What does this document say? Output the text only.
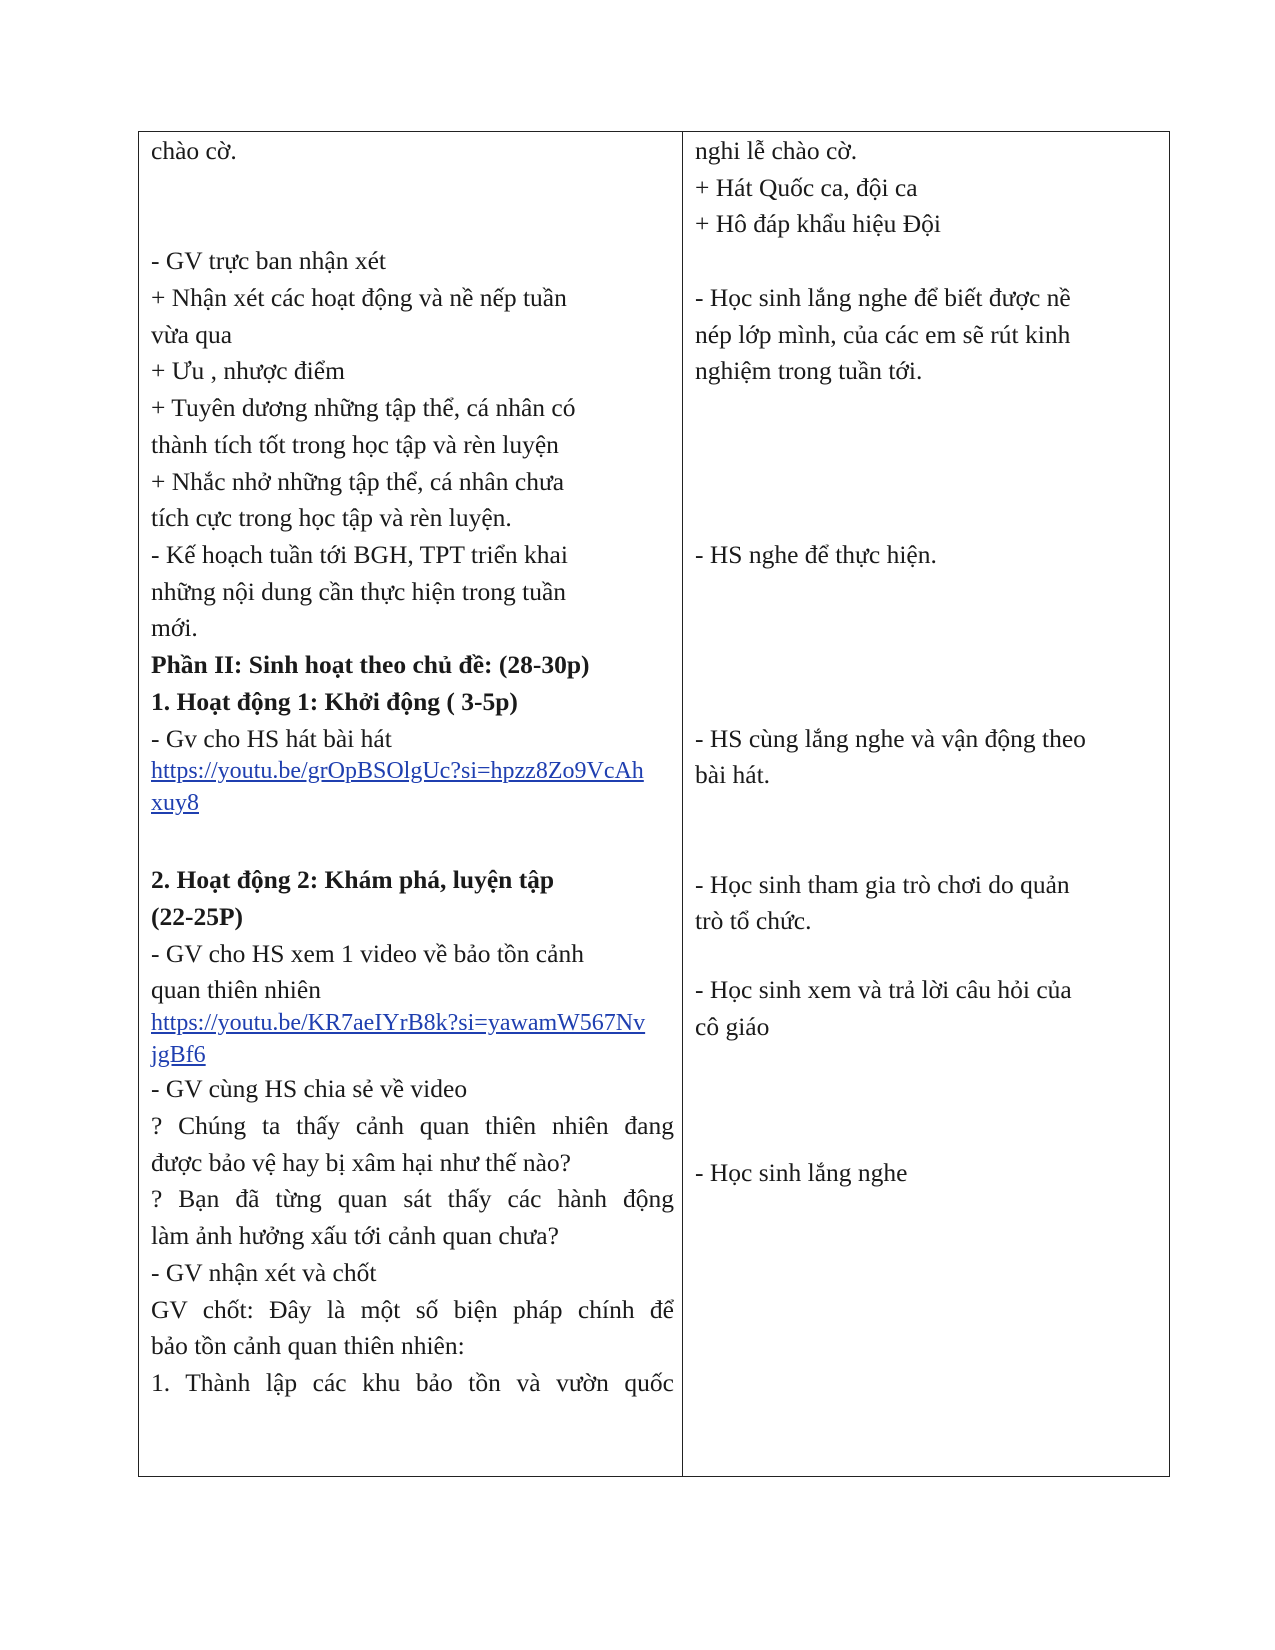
chào cờ.
- GV trực ban nhận xét
+ Nhận xét các hoạt động và nề nếp tuần
vừa qua
+ Ưu , nhược điểm
+ Tuyên dương những tập thể, cá nhân có
thành tích tốt trong học tập và rèn luyện
+ Nhắc nhở những tập thể, cá nhân chưa
tích cực trong học tập và rèn luyện.
- Kế hoạch tuần tới BGH, TPT triển khai
những nội dung cần thực hiện trong tuần
mới.
Phần II: Sinh hoạt theo chủ đề: (28-30p)
1. Hoạt động 1: Khởi động ( 3-5p)
- Gv cho HS hát bài hát
https://youtu.be/grOpBSOlgUc?si=hpzz8Zo9VcAh
xuy8
2. Hoạt động 2: Khám phá, luyện tập
(22-25P)
- GV cho HS xem 1 video về bảo tồn cảnh
quan thiên nhiên
https://youtu.be/KR7aeIYrB8k?si=yawamW567Nv
jgBf6
- GV cùng HS chia sẻ về video
? Chúng ta thấy cảnh quan thiên nhiên đang
được bảo vệ hay bị xâm hại như thế nào?
? Bạn đã từng quan sát thấy các hành động
làm ảnh hưởng xấu tới cảnh quan chưa?
- GV nhận xét và chốt
GV chốt: Đây là một số biện pháp chính để
bảo tồn cảnh quan thiên nhiên:
1. Thành lập các khu bảo tồn và vườn quốc
nghi lễ chào cờ.
+ Hát Quốc ca, đội ca
+ Hô đáp khẩu hiệu Đội
- Học sinh lắng nghe để biết được nề
nép lớp mình, của các em sẽ rút kinh
nghiệm trong tuần tới.
- HS nghe để thực hiện.
- HS cùng lắng nghe và vận động theo
bài hát.
- Học sinh tham gia trò chơi do quản
trò tổ chức.
- Học sinh xem và trả lời câu hỏi của
cô giáo
- Học sinh lắng nghe
